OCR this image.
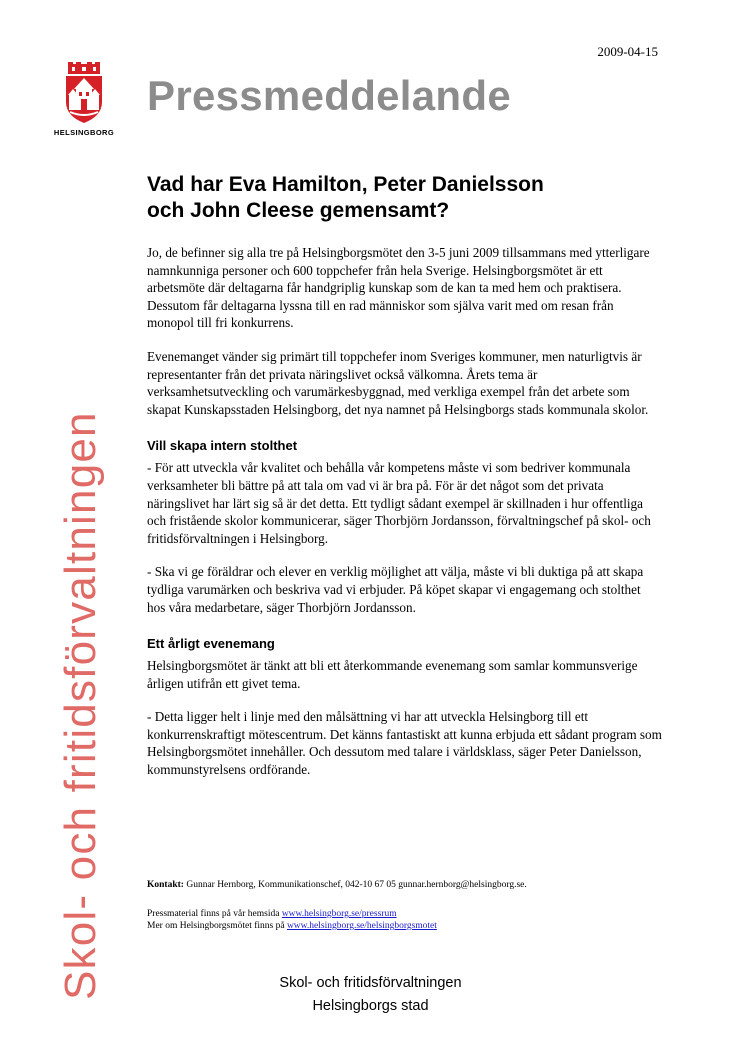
2009-04-15
HELSINGBORG
Pressmeddelande
Skol- och fritidsförvaltningen
Vad har Eva Hamilton, Peter Danielsson
och John Cleese gemensamt?

Jo, de befinner sig alla tre på Helsingborgsmötet den 3-5 juni 2009 tillsammans med ytterligare namnkunniga personer och 600 toppchefer från hela Sverige. Helsingborgsmötet är ett arbetsmöte där deltagarna får handgriplig kunskap som de kan ta med hem och praktisera. Dessutom får deltagarna lyssna till en rad människor som själva varit med om resan från monopol till fri konkurrens.

Evenemanget vänder sig primärt till toppchefer inom Sveriges kommuner, men naturligtvis är representanter från det privata näringslivet också välkomna. Årets tema är verksamhetsutveckling och varumärkesbyggnad, med verkliga exempel från det arbete som skapat Kunskapsstaden Helsingborg, det nya namnet på Helsingborgs stads kommunala skolor.

Vill skapa intern stolthet

- För att utveckla vår kvalitet och behålla vår kompetens måste vi som bedriver kommunala verksamheter bli bättre på att tala om vad vi är bra på. För är det något som det privata näringslivet har lärt sig så är det detta. Ett tydligt sådant exempel är skillnaden i hur offentliga och fristående skolor kommunicerar, säger Thorbjörn Jordansson, förvaltningschef på skol- och fritidsförvaltningen i Helsingborg.

- Ska vi ge föräldrar och elever en verklig möjlighet att välja, måste vi bli duktiga på att skapa tydliga varumärken och beskriva vad vi erbjuder. På köpet skapar vi engagemang och stolthet hos våra medarbetare, säger Thorbjörn Jordansson.

Ett årligt evenemang

Helsingborgsmötet är tänkt att bli ett återkommande evenemang som samlar kommunsverige årligen utifrån ett givet tema.

- Detta ligger helt i linje med den målsättning vi har att utveckla Helsingborg till ett konkurrenskraftigt mötescentrum. Det känns fantastiskt att kunna erbjuda ett sådant program som Helsingborgsmötet innehåller. Och dessutom med talare i världsklass, säger Peter Danielsson, kommunstyrelsens ordförande.

Kontakt: Gunnar Hernborg, Kommunikationschef, 042-10 67 05 gunnar.hernborg@helsingborg.se.
Pressmaterial finns på vår hemsida www.helsingborg.se/pressrum
Mer om Helsingborgsmötet finns på www.helsingborg.se/helsingborgsmotet
Skol- och fritidsförvaltningen
Helsingborgs stad
